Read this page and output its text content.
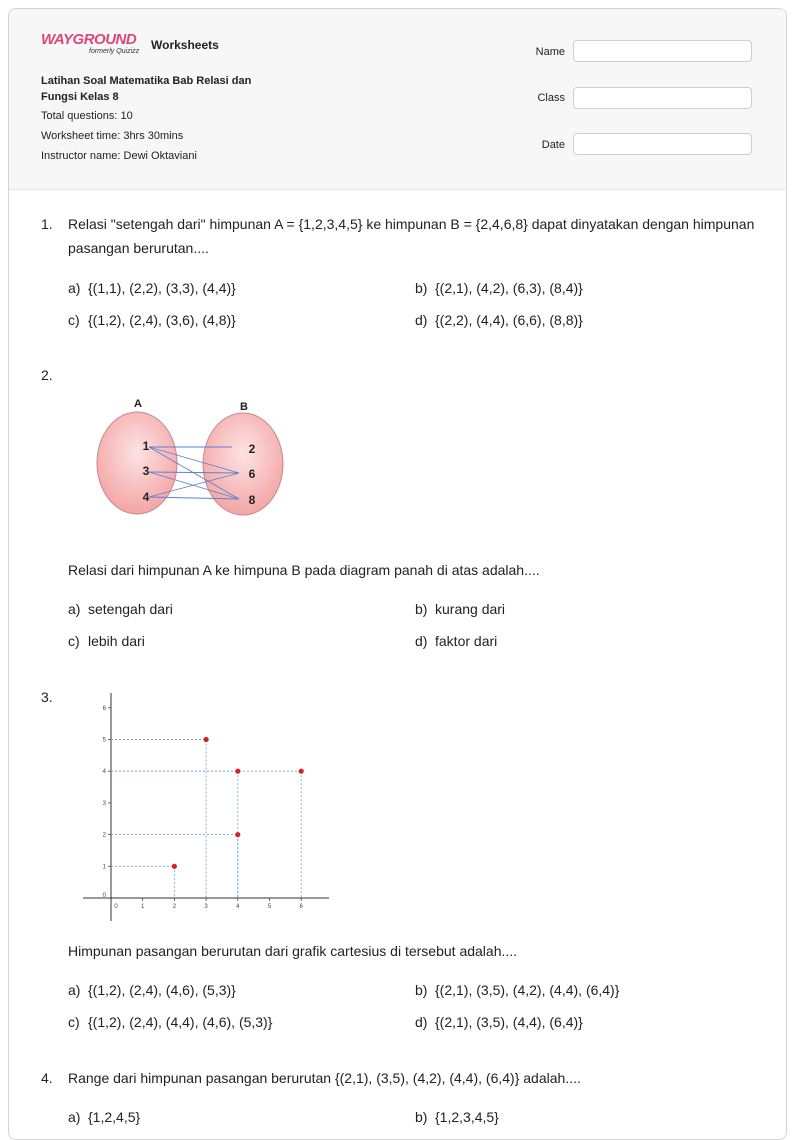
WAYGROUND
formerly Quizizz Worksheets
Latihan Soal Matematika Bab Relasi dan Fungsi Kelas 8
Total questions: 10
Worksheet time: 3hrs 30mins
Instructor name: Dewi Oktaviani
Name
Class
Date
1. Relasi "setengah dari" himpunan A = {1,2,3,4,5} ke himpunan B = {2,4,6,8} dapat dinyatakan dengan himpunan pasangan berurutan....
a) {(1,1), (2,2), (3,3), (4,4)}	b) {(2,1), (4,2), (6,3), (8,4)}
c) {(1,2), (2,4), (3,6), (4,8)}	d) {(2,2), (4,4), (6,6), (8,8)}
2.
A	B
1
3
4
2
6
8
Relasi dari himpunan A ke himpuna B pada diagram panah di atas adalah....
a) setengah dari	b) kurang dari
c) lebih dari	d) faktor dari
3.
0	1	2	3	4	5	6
0
1
2
3
4
5
6
Himpunan pasangan berurutan dari grafik cartesius di tersebut adalah....
a) {(1,2), (2,4), (4,6), (5,3)}	b) {(2,1), (3,5), (4,2), (4,4), (6,4)}
c) {(1,2), (2,4), (4,4), (4,6), (5,3)}	d) {(2,1), (3,5), (4,4), (6,4)}
4. Range dari himpunan pasangan berurutan {(2,1), (3,5), (4,2), (4,4), (6,4)} adalah....
a) {1,2,4,5}	b) {1,2,3,4,5}
